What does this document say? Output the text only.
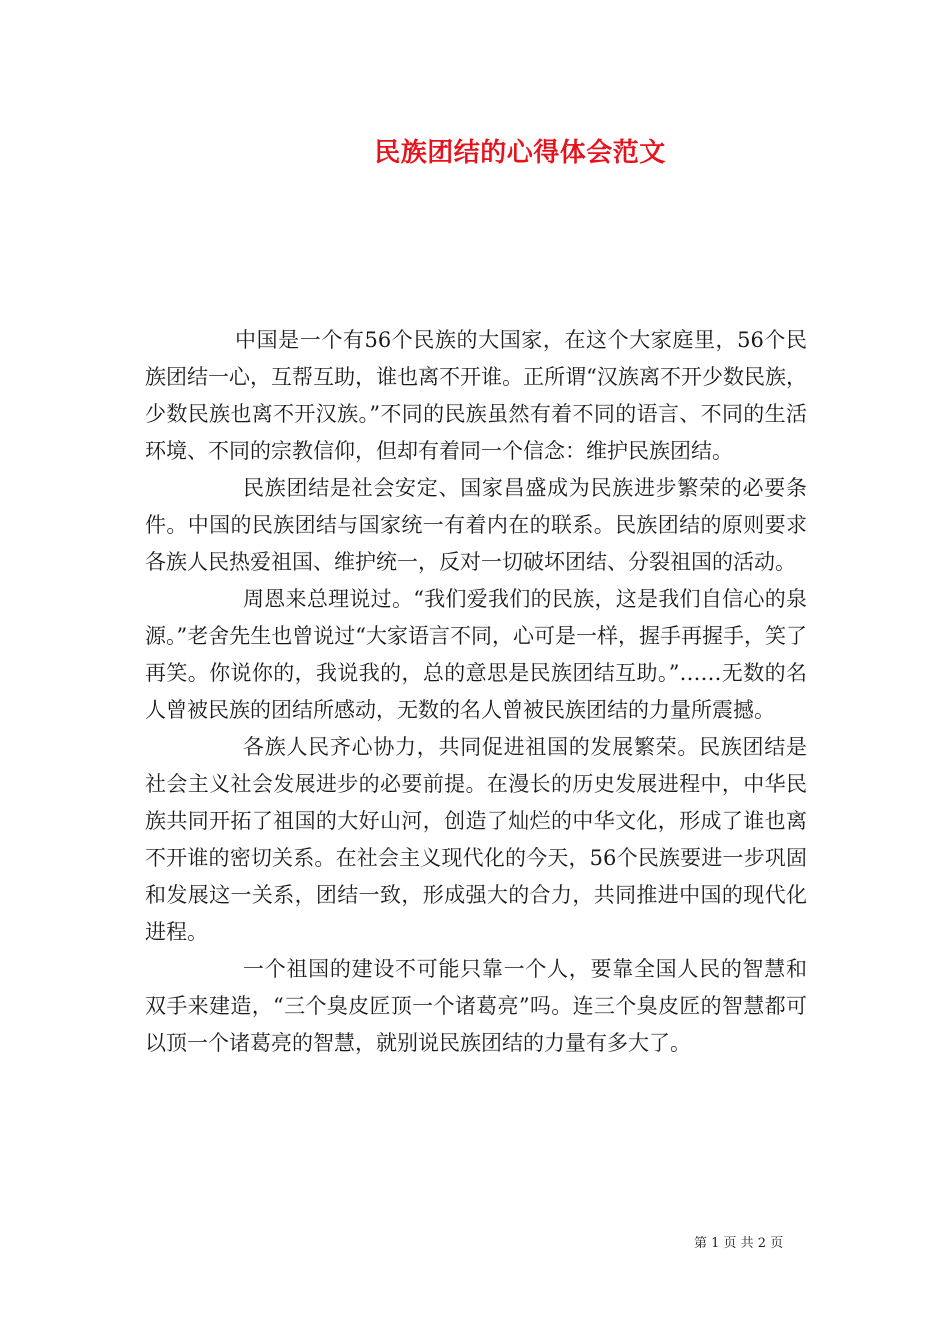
民族团结的心得体会范文

中国是一个有56个民族的大国家，在这个大家庭里，56个民族团结一心，互帮互助，谁也离不开谁。正所谓“汉族离不开少数民族，少数民族也离不开汉族。”不同的民族虽然有着不同的语言、不同的生活环境、不同的宗教信仰，但却有着同一个信念：维护民族团结。

民族团结是社会安定、国家昌盛成为民族进步繁荣的必要条件。中国的民族团结与国家统一有着内在的联系。民族团结的原则要求各族人民热爱祖国、维护统一，反对一切破坏团结、分裂祖国的活动。

周恩来总理说过。“我们爱我们的民族，这是我们自信心的泉源。”老舍先生也曾说过“大家语言不同，心可是一样，握手再握手，笑了再笑。你说你的，我说我的，总的意思是民族团结互助。”……无数的名人曾被民族的团结所感动，无数的名人曾被民族团结的力量所震撼。

各族人民齐心协力，共同促进祖国的发展繁荣。民族团结是社会主义社会发展进步的必要前提。在漫长的历史发展进程中，中华民族共同开拓了祖国的大好山河，创造了灿烂的中华文化，形成了谁也离不开谁的密切关系。在社会主义现代化的今天，56个民族要进一步巩固和发展这一关系，团结一致，形成强大的合力，共同推进中国的现代化进程。

一个祖国的建设不可能只靠一个人，要靠全国人民的智慧和双手来建造，“三个臭皮匠顶一个诸葛亮”吗。连三个臭皮匠的智慧都可以顶一个诸葛亮的智慧，就别说民族团结的力量有多大了。

第 1 页 共 2 页
